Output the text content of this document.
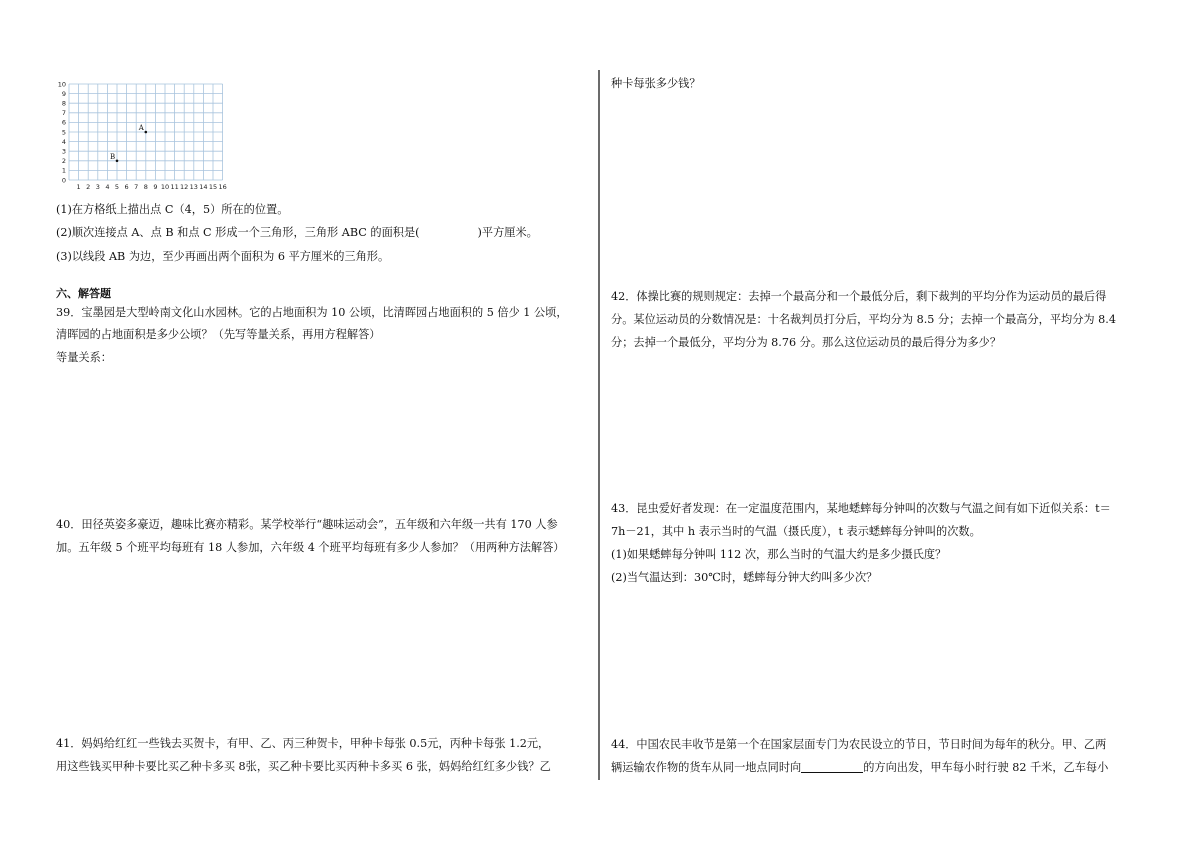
1 2 3 4 5 6 7 8 9 10 11 12 13 14 15 16
0
1
2
3
4
5
6
7
8
9
10
A
B
(1)在方格纸上描出点 C（4，5）所在的位置。
(2)顺次连接点 A、点 B 和点 C 形成一个三角形，三角形 ABC 的面积是(	)平方厘米。
(3)以线段 AB 为边，至少再画出两个面积为 6 平方厘米的三角形。
六、解答题
39．宝墨园是大型岭南文化山水园林。它的占地面积为 10 公顷，比清晖园占地面积的 5 倍少 1 公顷，
清晖园的占地面积是多少公顷？（先写等量关系，再用方程解答）
等量关系：
40．田径英姿多豪迈，趣味比赛亦精彩。某学校举行“趣味运动会”，五年级和六年级一共有 170 人参
加。五年级 5 个班平均每班有 18 人参加，六年级 4 个班平均每班有多少人参加？（用两种方法解答）
41．妈妈给红红一些钱去买贺卡，有甲、乙、丙三种贺卡，甲种卡每张 0.5元，丙种卡每张 1.2元，
用这些钱买甲种卡要比买乙种卡多买 8张，买乙种卡要比买丙种卡多买 6 张，妈妈给红红多少钱？乙
种卡每张多少钱？
42．体操比赛的规则规定：去掉一个最高分和一个最低分后，剩下裁判的平均分作为运动员的最后得
分。某位运动员的分数情况是：十名裁判员打分后，平均分为 8.5 分；去掉一个最高分，平均分为 8.4
分；去掉一个最低分，平均分为 8.76 分。那么这位运动员的最后得分为多少？
43．昆虫爱好者发现：在一定温度范围内，某地蟋蟀每分钟叫的次数与气温之间有如下近似关系：t＝
7h－21，其中 h 表示当时的气温（摄氏度），t 表示蟋蟀每分钟叫的次数。
(1)如果蟋蟀每分钟叫 112 次，那么当时的气温大约是多少摄氏度？
(2)当气温达到：30℃时，蟋蟀每分钟大约叫多少次？
44．中国农民丰收节是第一个在国家层面专门为农民设立的节日，节日时间为每年的秋分。甲、乙两
辆运输农作物的货车从同一地点同时向	的方向出发，甲车每小时行驶 82 千米，乙车每小
